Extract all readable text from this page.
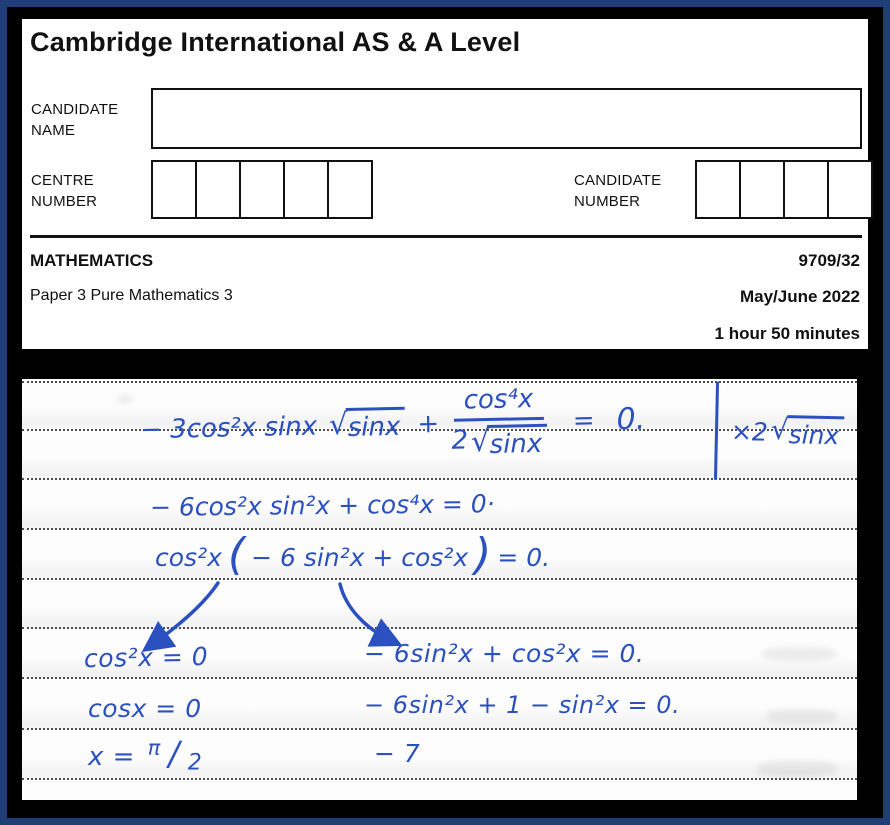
Cambridge International AS & A Level
CANDIDATE NAME
CENTRE NUMBER
CANDIDATE NUMBER
MATHEMATICS	9709/32
Paper 3 Pure Mathematics 3	May/June 2022
1 hour 50 minutes
− 3cos²x sinx √ $\sin x + \frac{\text{cos⁴x}}{2 √ \sin x} = 0$.	×2 √ sinx
− 6cos²x sin²x + cos⁴x = 0·
cos²x ( − 6 sin²x + cos²x ) = 0.
cos²x = 0
cosx = 0
x = $^\pi$ / 2
− 6sin²x + cos²x = 0.
− 6sin²x + 1 − sin²x = 0.
− 7
